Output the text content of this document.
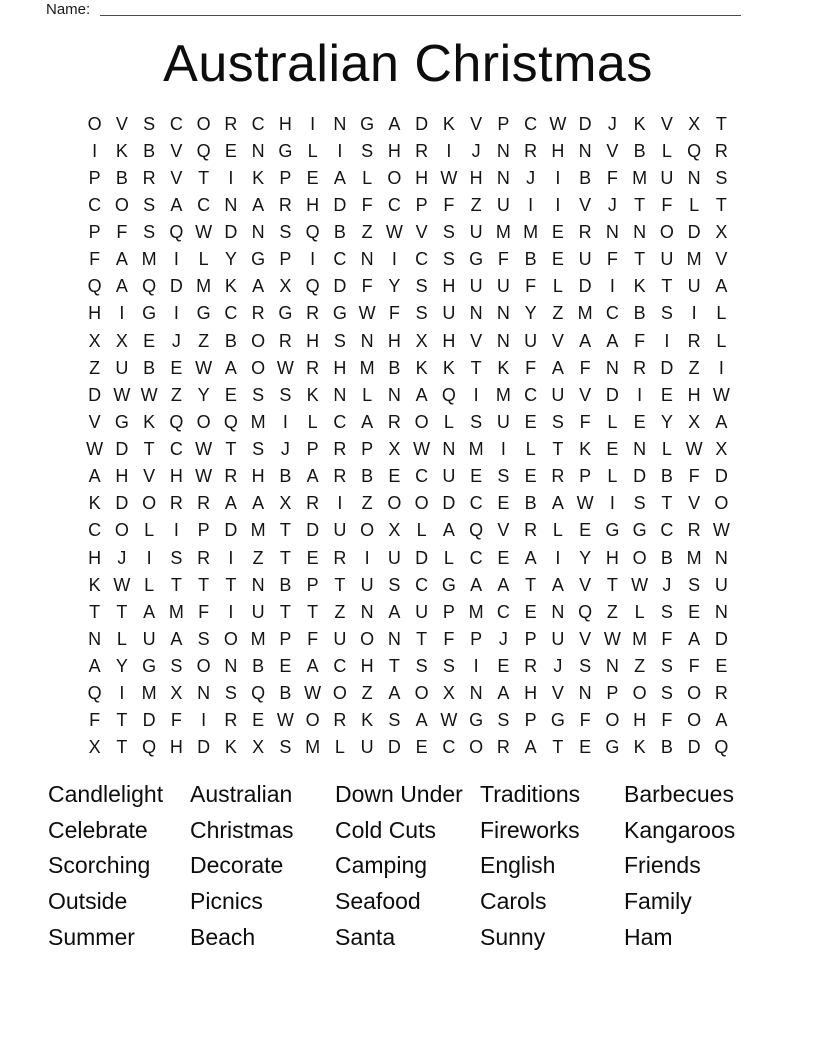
Name:
Australian Christmas
O V S C O R C H	I	N G A D K V P C W D J K V X T
I	K B V Q E N G L	I	S H R	I	J N R H N V B L Q R
P B R V T	I	K P E A L O H W H N J	I	B F M U N S
C O S A C N A R H D F C P F Z U	I	I	V J T F L T
P F S Q W D N S Q B Z W V S U M M E R N N O D X
F A M I	L Y G P	I	C N	I	C S G F B E U F T U M V
Q A Q D M K A X Q D F Y S H U U F L D	I	K T U A
H	I G I G C R G R G W F S U N N Y Z M C B S	I	L
X X E J Z B O R H S N H X H V N U V A A F	I	R L
Z U B E W A O W R H M B K K T K F A F N R D Z	I
D W W Z Y E S S K N L N A Q I M C U V D	I	E H W
V G K Q O Q M I	L C A R O L S U E S F L E Y X A
W D T C W T S J P R P X W N M I	L T K E N L W X
A H V H W R H B A R B E C U E S E R P L D B F D
K D O R R A A X R	I	Z O O D C E B A W I	S T V O
C O L	I	P D M T D U O X L A Q V R L E G G C R W
H J	I	S R	I	Z T E R	I	U D L C E A	I	Y H O B M N
K W L T T T N B P T U S C G A A T A V T W J S U
T T A M F	I	U T T Z N A U P M C E N Q Z L S E N
N L U A S O M P F U O N T F P J P U V W M F A D
A Y G S O N B E A C H T S S	I	E R J S N Z S F E
Q I M X N S Q B W O Z A O X N A H V N P O S O R
F T D F	I	R E W O R K S A W G S P G F O H F O A
X T Q H D K X S M L U D E C O R A T E G K B D Q
Candlelight
Celebrate
Scorching
Outside
Summer
Australian
Christmas
Decorate
Picnics
Beach
Down Under
Cold Cuts
Camping
Seafood
Santa
Traditions
Fireworks
English
Carols
Sunny
Barbecues
Kangaroos
Friends
Family
Ham
